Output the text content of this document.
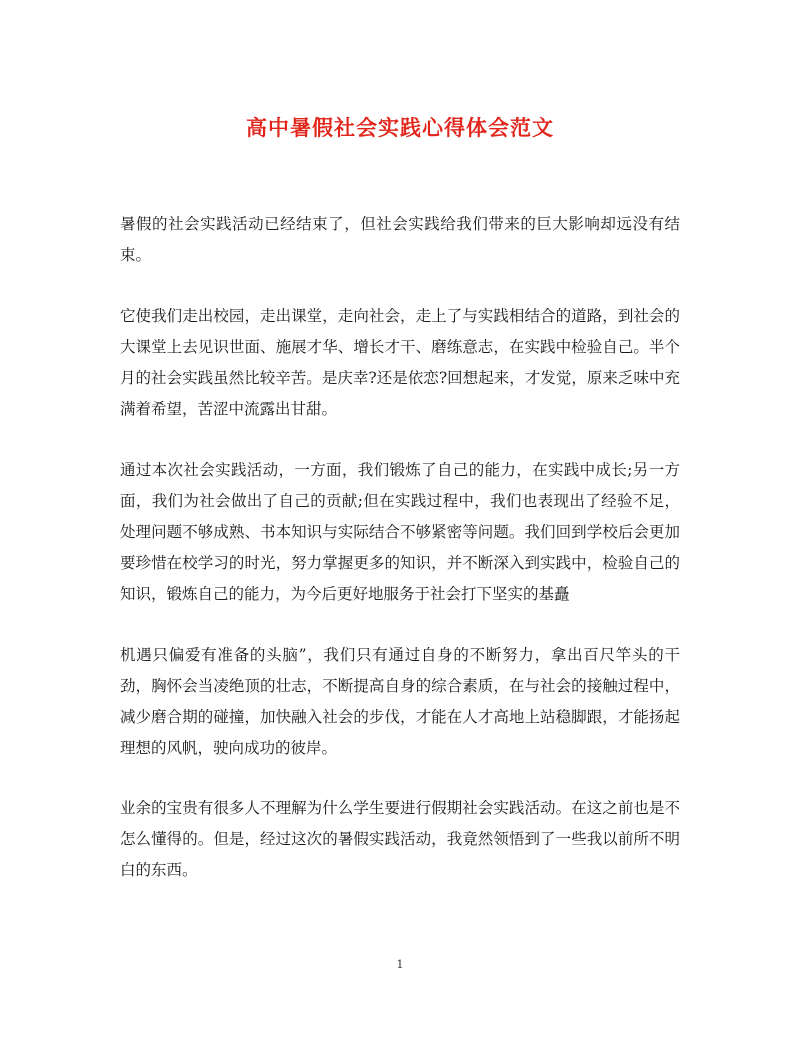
高中暑假社会实践心得体会范文

暑假的社会实践活动已经结束了，但社会实践给我们带来的巨大影响却远没有结束。

它使我们走出校园，走出课堂，走向社会，走上了与实践相结合的道路，到社会的大课堂上去见识世面、施展才华、增长才干、磨练意志，在实践中检验自己。半个月的社会实践虽然比较辛苦。是庆幸?还是依恋?回想起来，才发觉，原来乏味中充满着希望，苦涩中流露出甘甜。

通过本次社会实践活动，一方面，我们锻炼了自己的能力，在实践中成长;另一方面，我们为社会做出了自己的贡献;但在实践过程中，我们也表现出了经验不足，处理问题不够成熟、书本知识与实际结合不够紧密等问题。我们回到学校后会更加要珍惜在校学习的时光，努力掌握更多的知识，并不断深入到实践中，检验自己的知识，锻炼自己的能力，为今后更好地服务于社会打下坚实的基矗

机遇只偏爱有准备的头脑”，我们只有通过自身的不断努力，拿出百尺竿头的干劲，胸怀会当凌绝顶的壮志，不断提高自身的综合素质，在与社会的接触过程中，减少磨合期的碰撞，加快融入社会的步伐，才能在人才高地上站稳脚跟，才能扬起理想的风帆，驶向成功的彼岸。

业余的宝贵有很多人不理解为什么学生要进行假期社会实践活动。在这之前也是不怎么懂得的。但是，经过这次的暑假实践活动，我竟然领悟到了一些我以前所不明白的东西。

1
